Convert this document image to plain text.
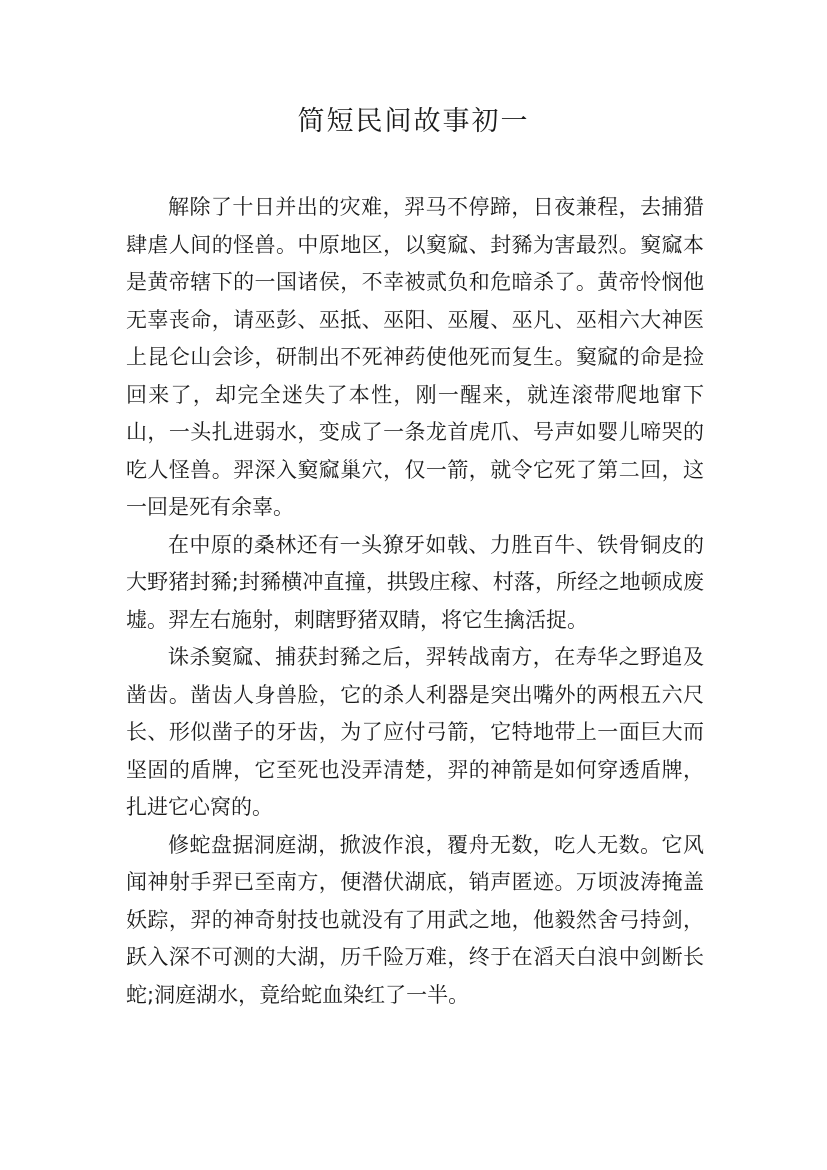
简短民间故事初一

解除了十日并出的灾难，羿马不停蹄，日夜兼程，去捕猎肆虐人间的怪兽。中原地区，以窫窳、封豨为害最烈。窫窳本是黄帝辖下的一国诸侯，不幸被贰负和危暗杀了。黄帝怜悯他无辜丧命，请巫彭、巫抵、巫阳、巫履、巫凡、巫相六大神医上昆仑山会诊，研制出不死神药使他死而复生。窫窳的命是捡回来了，却完全迷失了本性，刚一醒来，就连滚带爬地窜下山，一头扎进弱水，变成了一条龙首虎爪、号声如婴儿啼哭的吃人怪兽。羿深入窫窳巢穴，仅一箭，就令它死了第二回，这一回是死有余辜。

在中原的桑林还有一头獠牙如戟、力胜百牛、铁骨铜皮的大野猪封豨;封豨横冲直撞，拱毁庄稼、村落，所经之地顿成废墟。羿左右施射，刺瞎野猪双睛，将它生擒活捉。

诛杀窫窳、捕获封豨之后，羿转战南方，在寿华之野追及凿齿。凿齿人身兽脸，它的杀人利器是突出嘴外的两根五六尺长、形似凿子的牙齿，为了应付弓箭，它特地带上一面巨大而坚固的盾牌，它至死也没弄清楚，羿的神箭是如何穿透盾牌，扎进它心窝的。

修蛇盘据洞庭湖，掀波作浪，覆舟无数，吃人无数。它风闻神射手羿已至南方，便潜伏湖底，销声匿迹。万顷波涛掩盖妖踪，羿的神奇射技也就没有了用武之地，他毅然舍弓持剑，跃入深不可测的大湖，历千险万难，终于在滔天白浪中剑断长蛇;洞庭湖水，竟给蛇血染红了一半。
